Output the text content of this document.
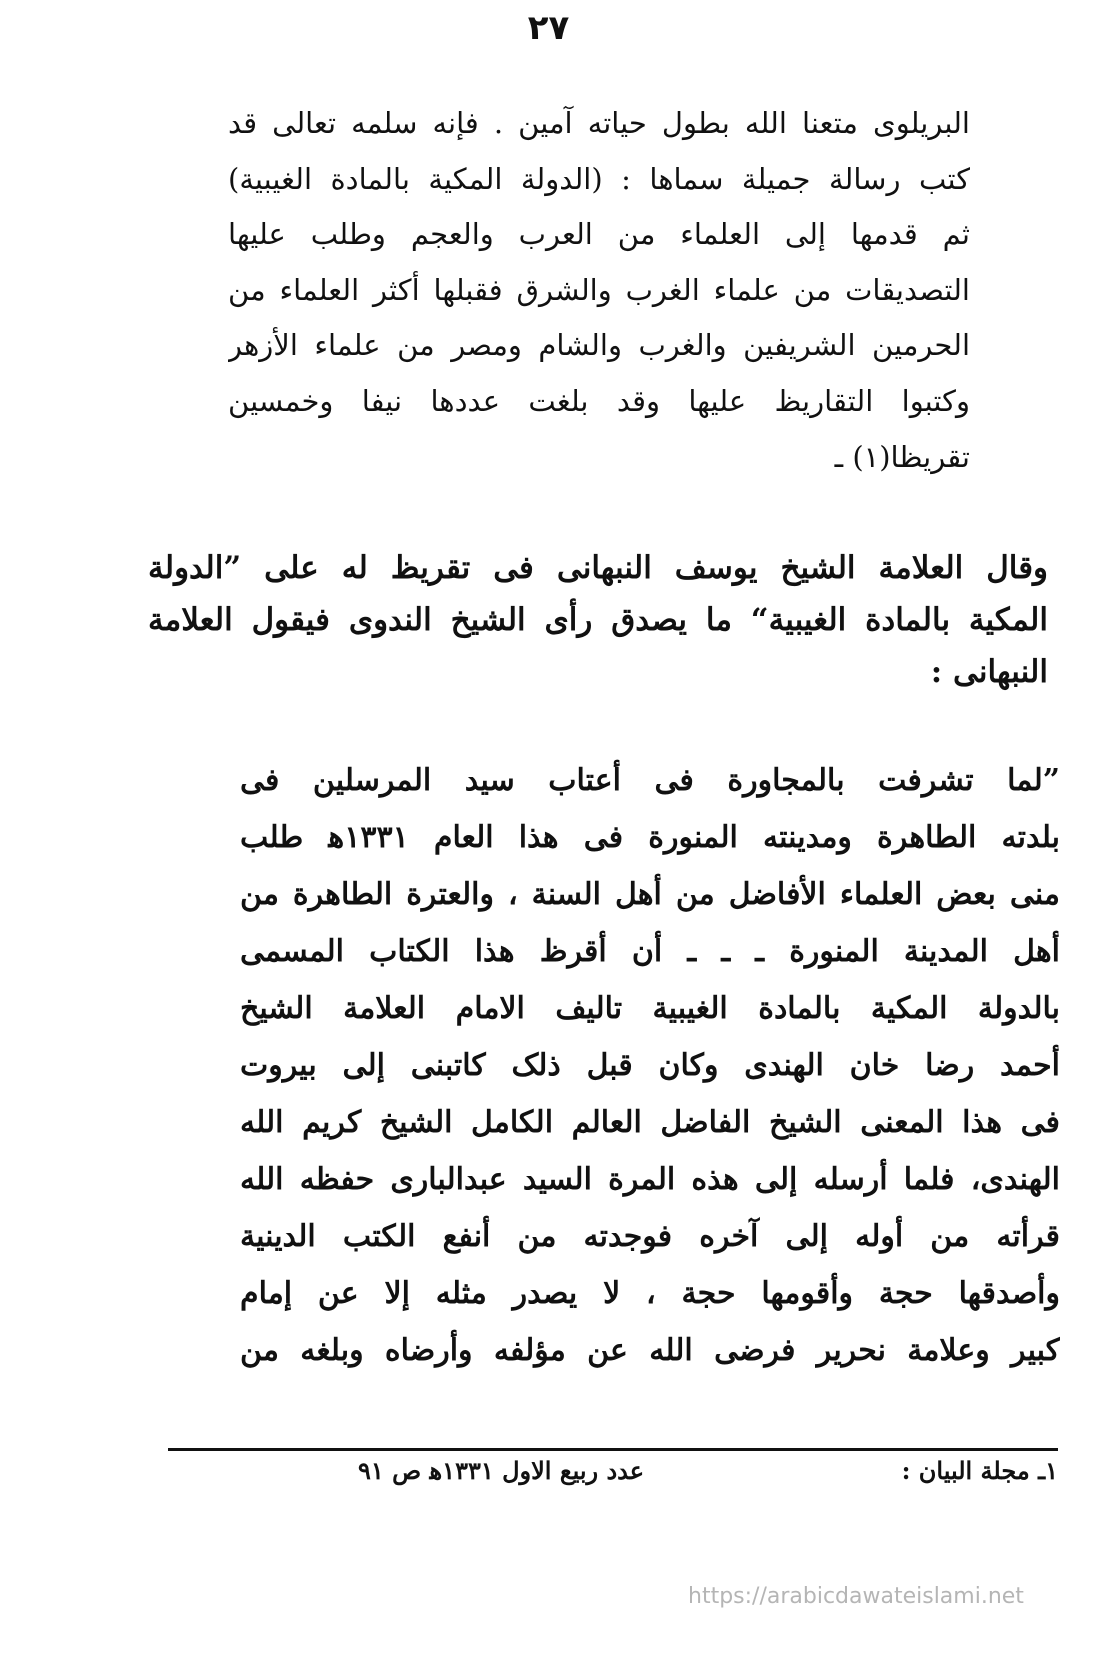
٢٧
البریلوی متعنا الله بطول حیاته آمین . فإنه سلمه تعالی قد
کتب رسالة جمیلة سماها : (الدولة المکیة بالمادة الغیبیة)
ثم قدمها إلی العلماء من العرب والعجم وطلب علیها
التصدیقات من علماء الغرب والشرق فقبلها أکثر العلماء من
الحرمین الشریفین والغرب والشام ومصر من علماء الأزهر
وکتبوا التقاریظ علیها وقد بلغت عددها نیفا وخمسین
تقریظا(١) ـ
وقال العلامة الشیخ یوسف النبهانی فی تقریظ له علی ”الدولة
المکیة بالمادة الغیبیة“ ما یصدق رأی الشیخ الندوی فیقول العلامة
النبهانی :
”لما تشرفت بالمجاورة فی أعتاب سید المرسلین فی
بلدته الطاهرة ومدینته المنورة فی هذا العام ١٣٣١ﻫ طلب
منی بعض العلماء الأفاضل من أهل السنة ، والعترة الطاهرة من
أهل المدینة المنورة ـ ـ ـ أن أقرظ هذا الکتاب المسمی
بالدولة المکیة بالمادة الغیبیة تالیف الامام العلامة الشیخ
أحمد رضا خان الهندی وکان قبل ذلک کاتبنی إلی بیروت
فی هذا المعنی الشیخ الفاضل العالم الکامل الشیخ کریم الله
الهندی، فلما أرسله إلی هذه المرة السید عبدالباری حفظه الله
قرأته من أوله إلی آخره فوجدته من أنفع الکتب الدینیة
وأصدقها حجة وأقومها حجة ، لا یصدر مثله إلا عن إمام
کبیر وعلامة نحریر فرضی الله عن مؤلفه وأرضاه وبلغه من
١ـ مجلة البیان :
عدد ربیع الاول ١٣٣١ﻫ ص ٩١
https://arabicdawateislami.net
